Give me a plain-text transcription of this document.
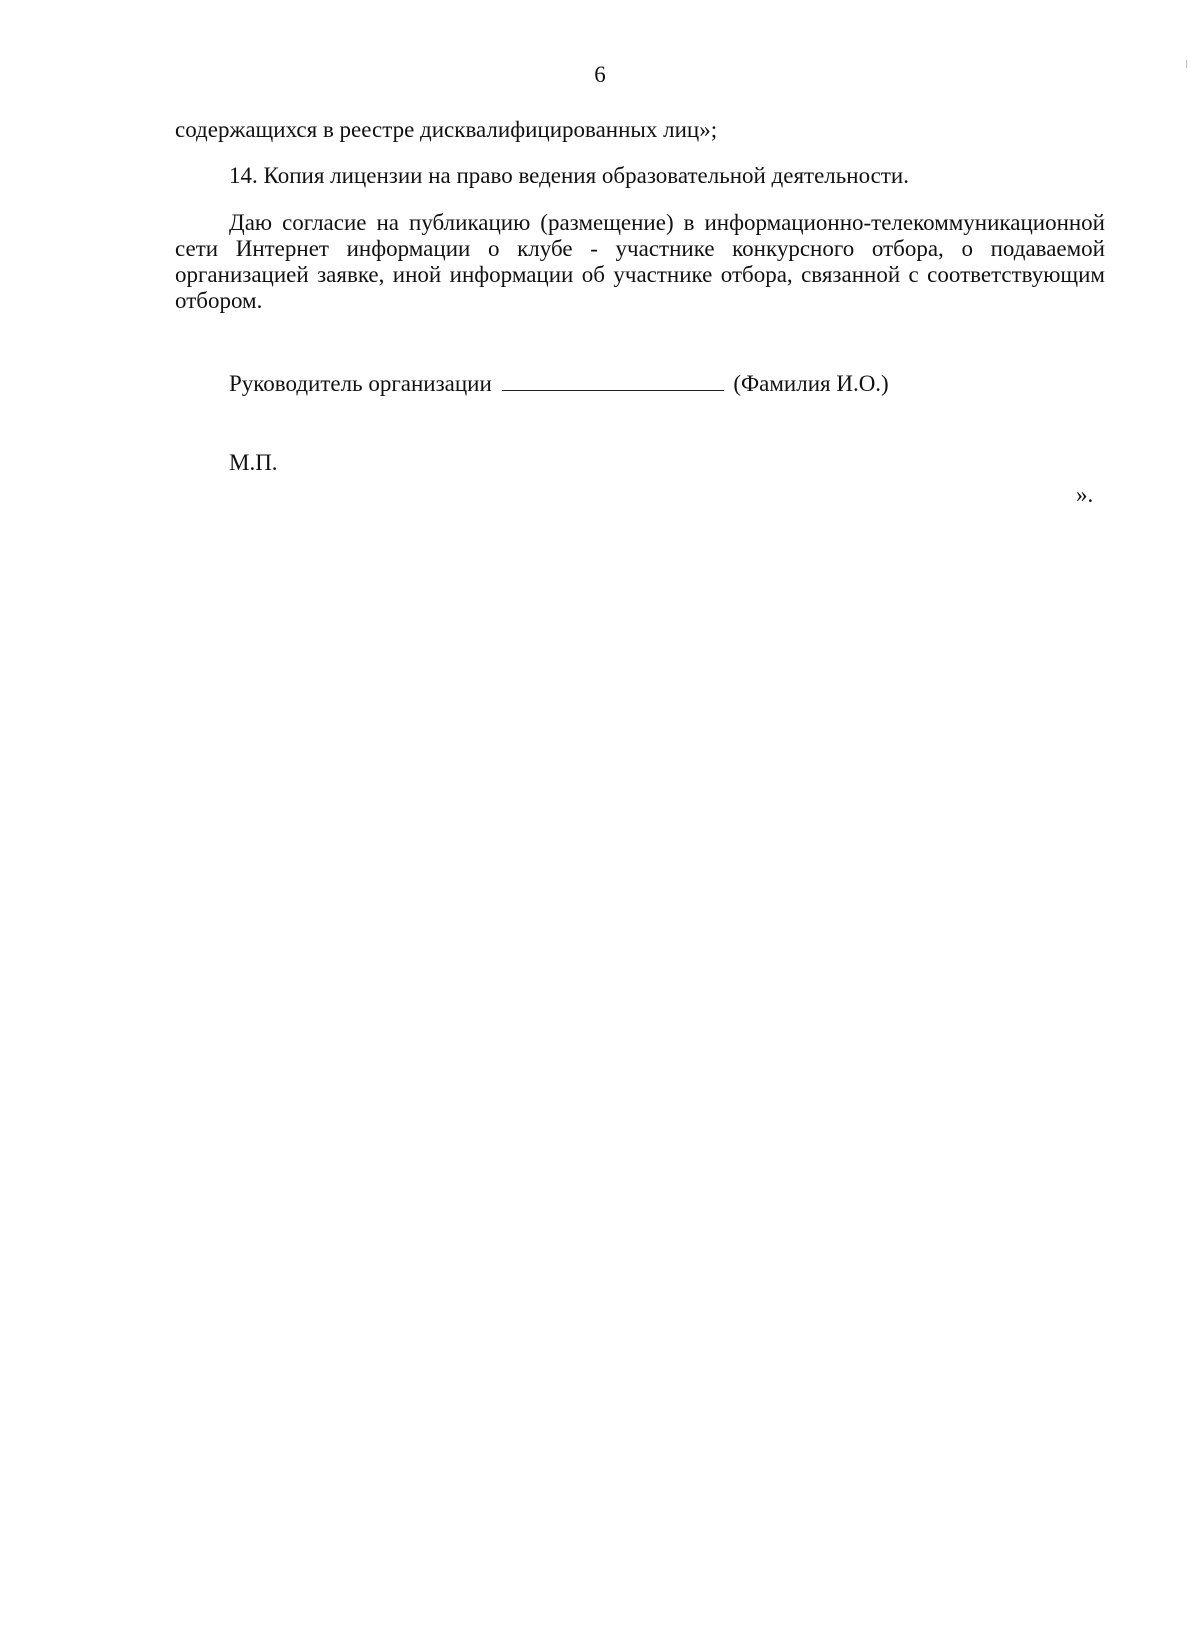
6
содержащихся в реестре дисквалифицированных лиц»;
14. Копия лицензии на право ведения образовательной деятельности.
Даю согласие на публикацию (размещение) в информационно-телекоммуникационной сети Интернет информации о клубе - участнике конкурсного отбора, о подаваемой организацией заявке, иной информации об участнике отбора, связанной с соответствующим отбором.
Руководитель организации	(Фамилия И.О.)
М.П.
».
